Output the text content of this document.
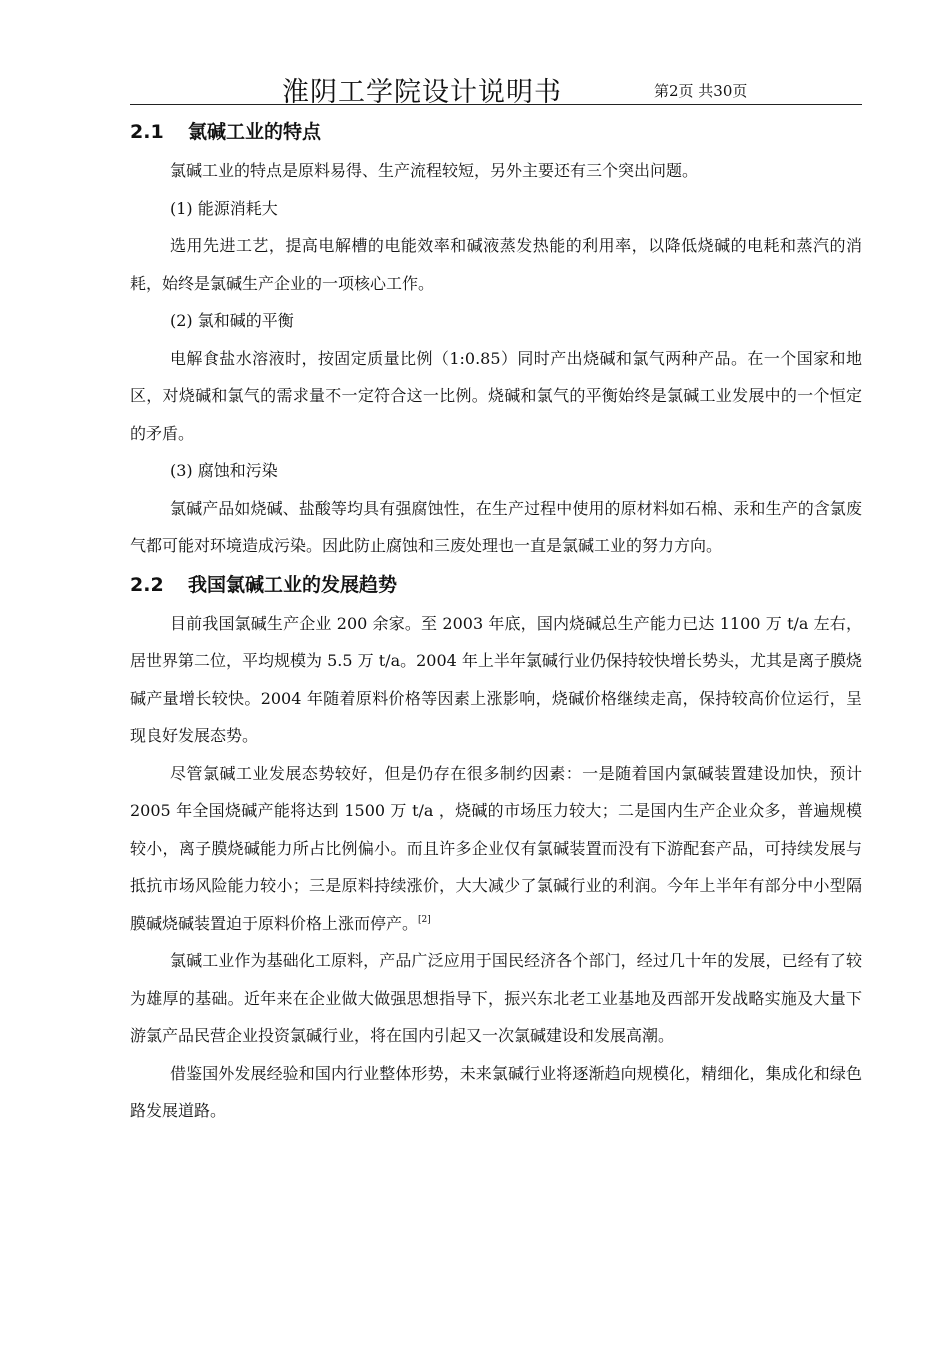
淮阴工学院设计说明书	第2页 共30页
2.1 氯碱工业的特点

氯碱工业的特点是原料易得、生产流程较短，另外主要还有三个突出问题。

(1) 能源消耗大

选用先进工艺，提高电解槽的电能效率和碱液蒸发热能的利用率，以降低烧碱的电耗和蒸汽的消耗，始终是氯碱生产企业的一项核心工作。

(2) 氯和碱的平衡

电解食盐水溶液时，按固定质量比例（1:0.85）同时产出烧碱和氯气两种产品。在一个国家和地区，对烧碱和氯气的需求量不一定符合这一比例。烧碱和氯气的平衡始终是氯碱工业发展中的一个恒定的矛盾。

(3) 腐蚀和污染

氯碱产品如烧碱、盐酸等均具有强腐蚀性，在生产过程中使用的原材料如石棉、汞和生产的含氯废气都可能对环境造成污染。因此防止腐蚀和三废处理也一直是氯碱工业的努力方向。

2.2 我国氯碱工业的发展趋势

目前我国氯碱生产企业 200 余家。至 2003 年底，国内烧碱总生产能力已达 1100 万 t/a 左右，居世界第二位，平均规模为 5.5 万 t/a。2004 年上半年氯碱行业仍保持较快增长势头，尤其是离子膜烧碱产量增长较快。2004 年随着原料价格等因素上涨影响，烧碱价格继续走高，保持较高价位运行，呈现良好发展态势。

尽管氯碱工业发展态势较好，但是仍存在很多制约因素：一是随着国内氯碱装置建设加快，预计 2005 年全国烧碱产能将达到 1500 万 t/a ，烧碱的市场压力较大；二是国内生产企业众多，普遍规模较小，离子膜烧碱能力所占比例偏小。而且许多企业仅有氯碱装置而没有下游配套产品，可持续发展与抵抗市场风险能力较小；三是原料持续涨价，大大减少了氯碱行业的利润。今年上半年有部分中小型隔膜碱烧碱装置迫于原料价格上涨而停产。[2]

氯碱工业作为基础化工原料，产品广泛应用于国民经济各个部门，经过几十年的发展，已经有了较为雄厚的基础。近年来在企业做大做强思想指导下，振兴东北老工业基地及西部开发战略实施及大量下游氯产品民营企业投资氯碱行业，将在国内引起又一次氯碱建设和发展高潮。

借鉴国外发展经验和国内行业整体形势，未来氯碱行业将逐渐趋向规模化，精细化，集成化和绿色路发展道路。
